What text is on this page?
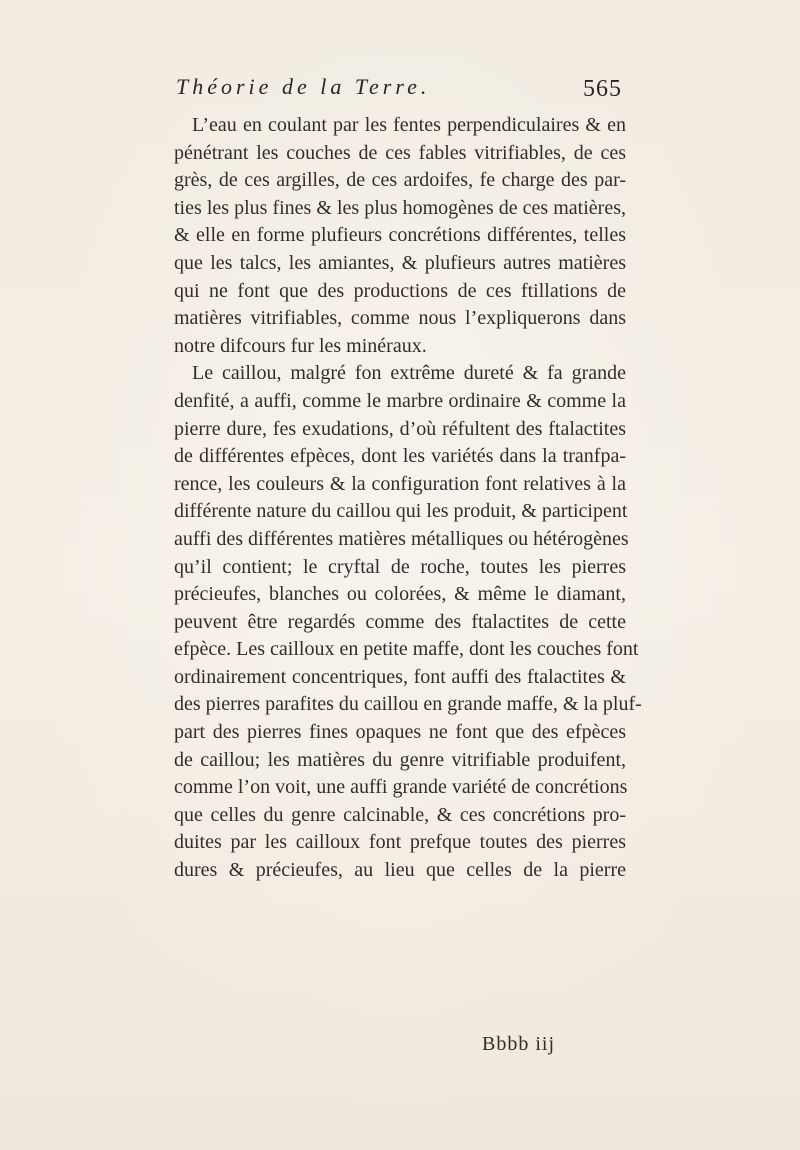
Théorie de la Terre.	565
L’eau en coulant par les fentes perpendiculaires & en
pénétrant les couches de ces fables vitrifiables, de ces
grès, de ces argilles, de ces ardoifes, fe charge des par-
ties les plus fines & les plus homogènes de ces matières,
& elle en forme plufieurs concrétions différentes, telles
que les talcs, les amiantes, & plufieurs autres matières
qui ne font que des productions de ces ftillations de
matières vitrifiables, comme nous l’expliquerons dans
notre difcours fur les minéraux.
Le caillou, malgré fon extrême dureté & fa grande
denfité, a auffi, comme le marbre ordinaire & comme la
pierre dure, fes exudations, d’où réfultent des ftalactites
de différentes efpèces, dont les variétés dans la tranfpa-
rence, les couleurs & la configuration font relatives à la
différente nature du caillou qui les produit, & participent
auffi des différentes matières métalliques ou hétérogènes
qu’il contient; le cryftal de roche, toutes les pierres
précieufes, blanches ou colorées, & même le diamant,
peuvent être regardés comme des ftalactites de cette
efpèce. Les cailloux en petite maffe, dont les couches font
ordinairement concentriques, font auffi des ftalactites &
des pierres parafites du caillou en grande maffe, & la pluf-
part des pierres fines opaques ne font que des efpèces
de caillou; les matières du genre vitrifiable produifent,
comme l’on voit, une auffi grande variété de concrétions
que celles du genre calcinable, & ces concrétions pro-
duites par les cailloux font prefque toutes des pierres
dures & précieufes, au lieu que celles de la pierre
Bbbb iij
